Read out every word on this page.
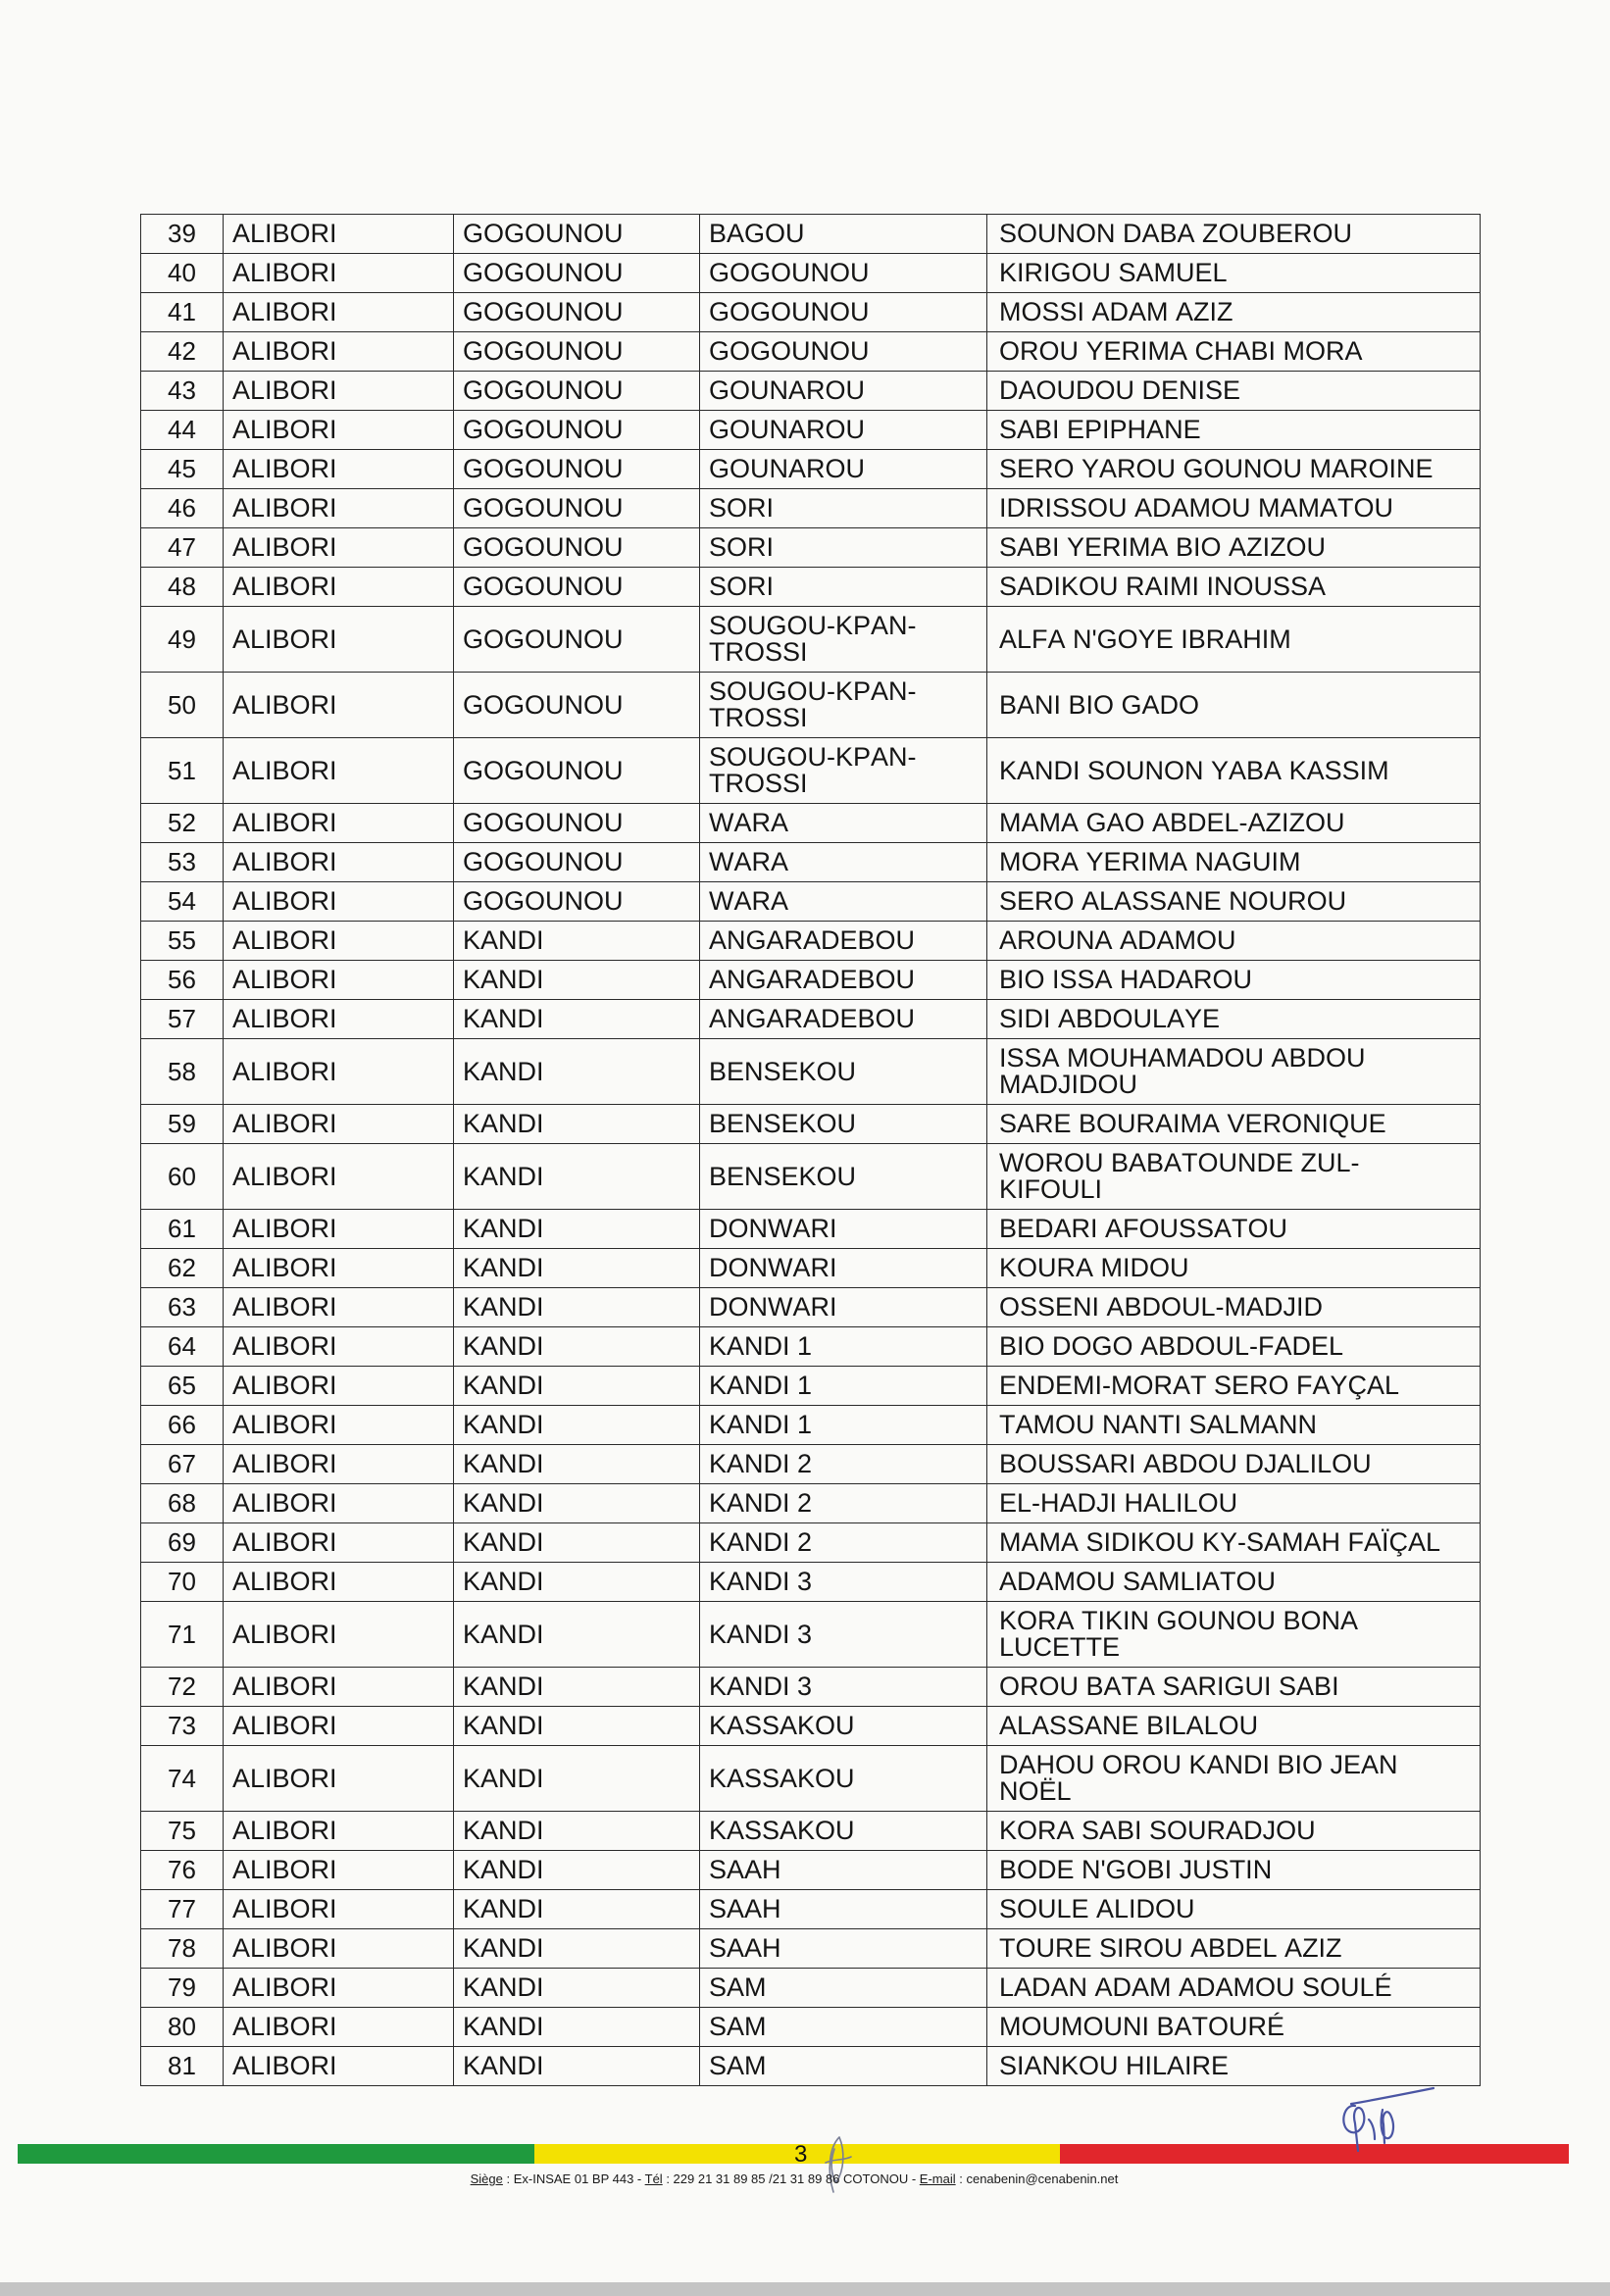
39	ALIBORI	GOGOUNOU	BAGOU	SOUNON DABA ZOUBEROU
40	ALIBORI	GOGOUNOU	GOGOUNOU	KIRIGOU SAMUEL
41	ALIBORI	GOGOUNOU	GOGOUNOU	MOSSI ADAM AZIZ
42	ALIBORI	GOGOUNOU	GOGOUNOU	OROU YERIMA CHABI MORA
43	ALIBORI	GOGOUNOU	GOUNAROU	DAOUDOU DENISE
44	ALIBORI	GOGOUNOU	GOUNAROU	SABI EPIPHANE
45	ALIBORI	GOGOUNOU	GOUNAROU	SERO YAROU GOUNOU MAROINE
46	ALIBORI	GOGOUNOU	SORI	IDRISSOU ADAMOU MAMATOU
47	ALIBORI	GOGOUNOU	SORI	SABI YERIMA BIO AZIZOU
48	ALIBORI	GOGOUNOU	SORI	SADIKOU RAIMI INOUSSA
49	ALIBORI	GOGOUNOU	SOUGOU-KPAN-TROSSI	ALFA N'GOYE IBRAHIM
50	ALIBORI	GOGOUNOU	SOUGOU-KPAN-TROSSI	BANI BIO GADO
51	ALIBORI	GOGOUNOU	SOUGOU-KPAN-TROSSI	KANDI SOUNON YABA KASSIM
52	ALIBORI	GOGOUNOU	WARA	MAMA GAO ABDEL-AZIZOU
53	ALIBORI	GOGOUNOU	WARA	MORA YERIMA NAGUIM
54	ALIBORI	GOGOUNOU	WARA	SERO ALASSANE NOUROU
55	ALIBORI	KANDI	ANGARADEBOU	AROUNA ADAMOU
56	ALIBORI	KANDI	ANGARADEBOU	BIO ISSA HADAROU
57	ALIBORI	KANDI	ANGARADEBOU	SIDI ABDOULAYE
58	ALIBORI	KANDI	BENSEKOU	ISSA MOUHAMADOU ABDOU MADJIDOU
59	ALIBORI	KANDI	BENSEKOU	SARE BOURAIMA VERONIQUE
60	ALIBORI	KANDI	BENSEKOU	WOROU BABATOUNDE ZUL-KIFOULI
61	ALIBORI	KANDI	DONWARI	BEDARI AFOUSSATOU
62	ALIBORI	KANDI	DONWARI	KOURA MIDOU
63	ALIBORI	KANDI	DONWARI	OSSENI ABDOUL-MADJID
64	ALIBORI	KANDI	KANDI 1	BIO DOGO ABDOUL-FADEL
65	ALIBORI	KANDI	KANDI 1	ENDEMI-MORAT SERO FAYÇAL
66	ALIBORI	KANDI	KANDI 1	TAMOU NANTI SALMANN
67	ALIBORI	KANDI	KANDI 2	BOUSSARI ABDOU DJALILOU
68	ALIBORI	KANDI	KANDI 2	EL-HADJI HALILOU
69	ALIBORI	KANDI	KANDI 2	MAMA SIDIKOU KY-SAMAH FAÏÇAL
70	ALIBORI	KANDI	KANDI 3	ADAMOU SAMLIATOU
71	ALIBORI	KANDI	KANDI 3	KORA TIKIN GOUNOU BONA LUCETTE
72	ALIBORI	KANDI	KANDI 3	OROU BATA SARIGUI SABI
73	ALIBORI	KANDI	KASSAKOU	ALASSANE BILALOU
74	ALIBORI	KANDI	KASSAKOU	DAHOU OROU KANDI BIO JEAN NOËL
75	ALIBORI	KANDI	KASSAKOU	KORA SABI SOURADJOU
76	ALIBORI	KANDI	SAAH	BODE N'GOBI JUSTIN
77	ALIBORI	KANDI	SAAH	SOULE ALIDOU
78	ALIBORI	KANDI	SAAH	TOURE SIROU ABDEL AZIZ
79	ALIBORI	KANDI	SAM	LADAN ADAM ADAMOU SOULÉ
80	ALIBORI	KANDI	SAM	MOUMOUNI BATOURÉ
81	ALIBORI	KANDI	SAM	SIANKOU HILAIRE
3
Siège : Ex-INSAE 01 BP 443 - Tél : 229 21 31 89 85 /21 31 89 86 COTONOU - E-mail : cenabenin@cenabenin.net
